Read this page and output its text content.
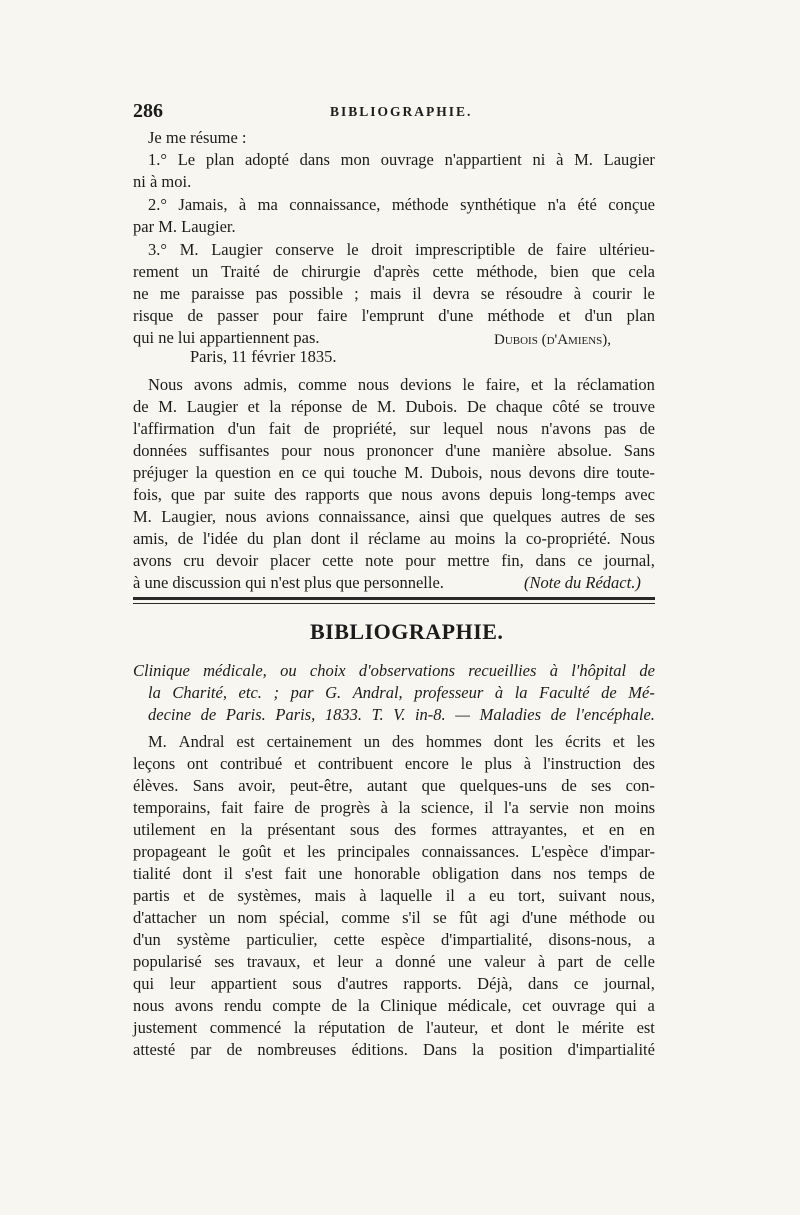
286	BIBLIOGRAPHIE.
Je me résume :
1.° Le plan adopté dans mon ouvrage n'appartient ni à M. Laugier
ni à moi.
2.° Jamais, à ma connaissance, méthode synthétique n'a été conçue
par M. Laugier.
3.° M. Laugier conserve le droit imprescriptible de faire ultérieu-
rement un Traité de chirurgie d'après cette méthode, bien que cela
ne me paraisse pas possible ; mais il devra se résoudre à courir le
risque de passer pour faire l'emprunt d'une méthode et d'un plan
qui ne lui appartiennent pas.	Dubois (d'Amiens),
Paris, 11 février 1835.
Nous avons admis, comme nous devions le faire, et la réclamation
de M. Laugier et la réponse de M. Dubois. De chaque côté se trouve
l'affirmation d'un fait de propriété, sur lequel nous n'avons pas de
données suffisantes pour nous prononcer d'une manière absolue. Sans
préjuger la question en ce qui touche M. Dubois, nous devons dire toute-
fois, que par suite des rapports que nous avons depuis long-temps avec
M. Laugier, nous avions connaissance, ainsi que quelques autres de ses
amis, de l'idée du plan dont il réclame au moins la co-propriété. Nous
avons cru devoir placer cette note pour mettre fin, dans ce journal,
à une discussion qui n'est plus que personnelle.	(Note du Rédact.)
BIBLIOGRAPHIE.
Clinique médicale, ou choix d'observations recueillies à l'hôpital de
la Charité, etc. ; par G. Andral, professeur à la Faculté de Mé-
decine de Paris. Paris, 1833. T. V. in-8. — Maladies de l'encéphale.
M. Andral est certainement un des hommes dont les écrits et les
leçons ont contribué et contribuent encore le plus à l'instruction des
élèves. Sans avoir, peut-être, autant que quelques-uns de ses con-
temporains, fait faire de progrès à la science, il l'a servie non moins
utilement en la présentant sous des formes attrayantes, et en en
propageant le goût et les principales connaissances. L'espèce d'impar-
tialité dont il s'est fait une honorable obligation dans nos temps de
partis et de systèmes, mais à laquelle il a eu tort, suivant nous,
d'attacher un nom spécial, comme s'il se fût agi d'une méthode ou
d'un système particulier, cette espèce d'impartialité, disons-nous, a
popularisé ses travaux, et leur a donné une valeur à part de celle
qui leur appartient sous d'autres rapports. Déjà, dans ce journal,
nous avons rendu compte de la Clinique médicale, cet ouvrage qui a
justement commencé la réputation de l'auteur, et dont le mérite est
attesté par de nombreuses éditions. Dans la position d'impartialité
